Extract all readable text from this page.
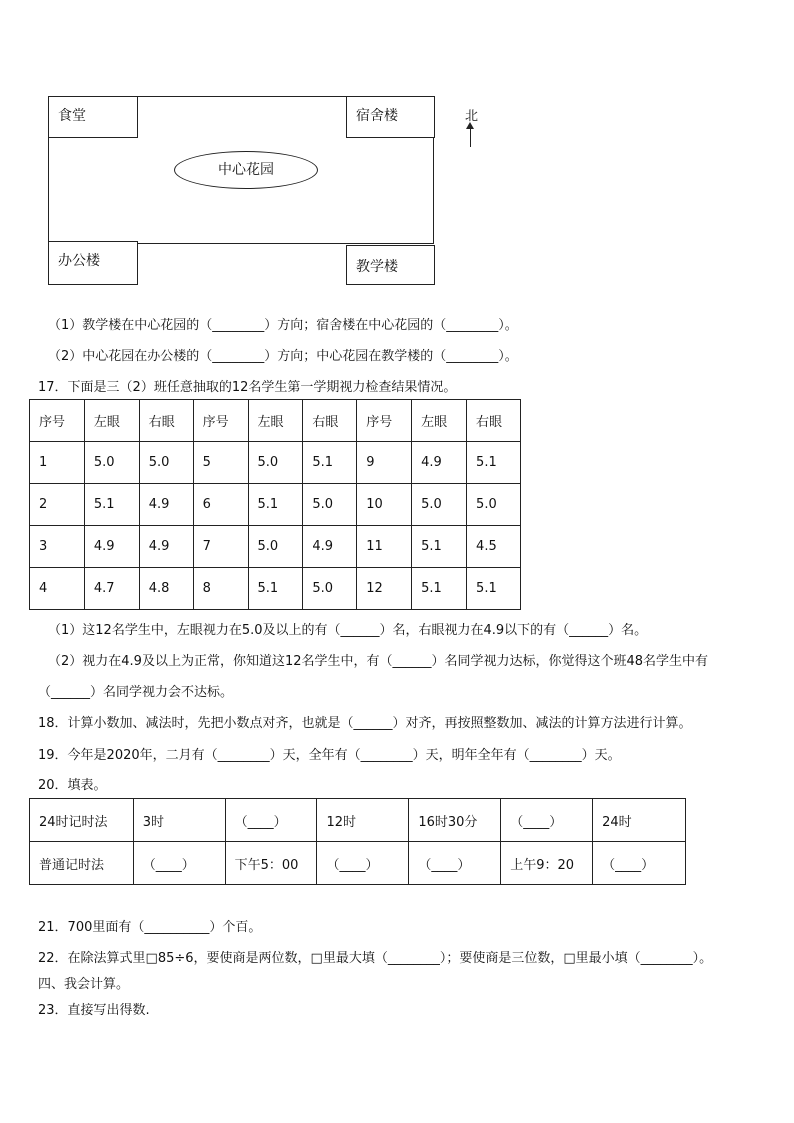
食堂	宿舍楼
办公楼	教学楼
中心花园
北
（1）教学楼在中心花园的（________）方向；宿舍楼在中心花园的（________）。
（2）中心花园在办公楼的（________）方向；中心花园在教学楼的（________）。
17．下面是三（2）班任意抽取的12名学生第一学期视力检查结果情况。
序号	左眼	右眼	序号	左眼	右眼	序号	左眼	右眼
1	5.0	5.0	5	5.0	5.1	9	4.9	5.1
2	5.1	4.9	6	5.1	5.0	10	5.0	5.0
3	4.9	4.9	7	5.0	4.9	11	5.1	4.5
4	4.7	4.8	8	5.1	5.0	12	5.1	5.1
（1）这12名学生中，左眼视力在5.0及以上的有（______）名，右眼视力在4.9以下的有（______）名。
（2）视力在4.9及以上为正常，你知道这12名学生中，有（______）名同学视力达标，你觉得这个班48名学生中有
（______）名同学视力会不达标。
18．计算小数加、减法时，先把小数点对齐，也就是（______）对齐，再按照整数加、减法的计算方法进行计算。
19．今年是2020年，二月有（________）天，全年有（________）天，明年全年有（________）天。
20．填表。
24时记时法	3时	（____）	12时	16时30分	（____）	24时
普通记时法	（____）	下午5：00	（____）	（____）	上午9：20	（____）
21．700里面有（__________）个百。
22．在除法算式里□85÷6，要使商是两位数，□里最大填（________）；要使商是三位数，□里最小填（________）。
四、我会计算。
23．直接写出得数.
